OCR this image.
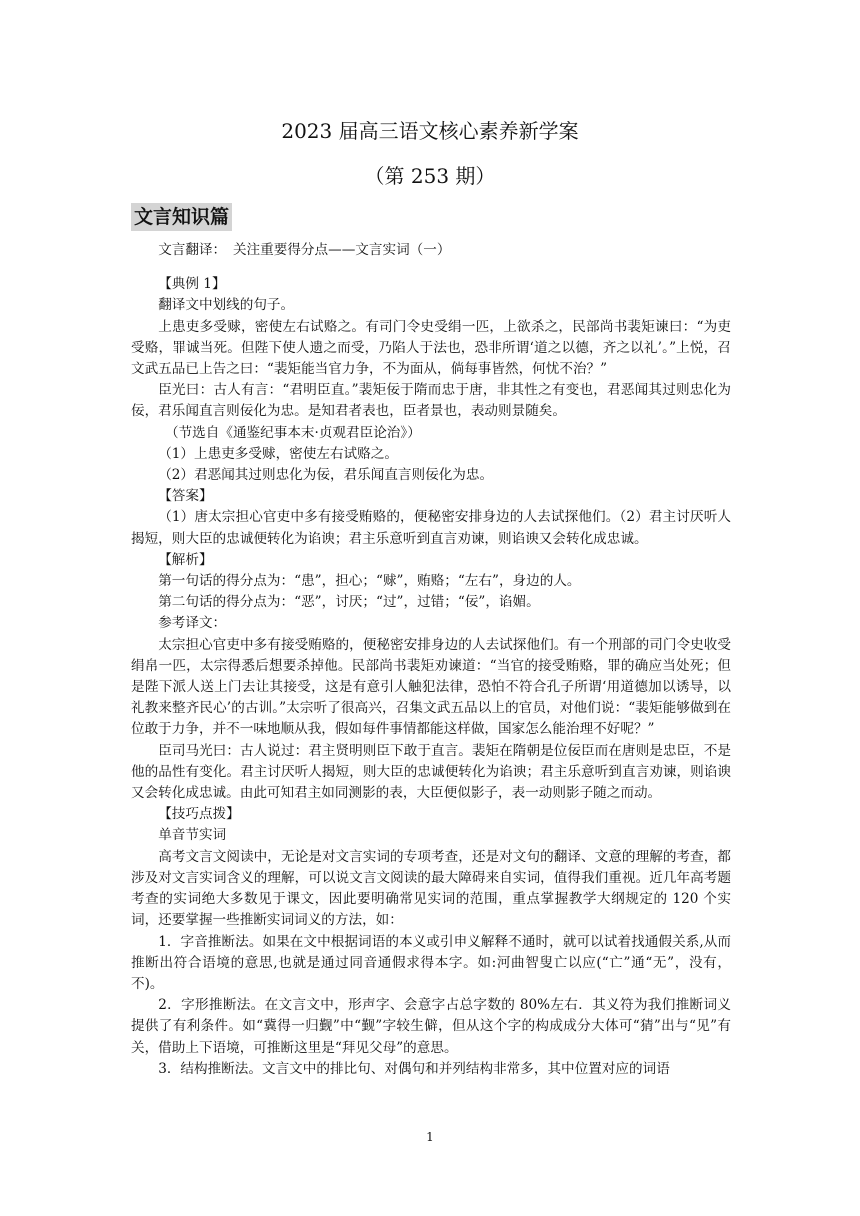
2023 届高三语文核心素养新学案
（第 253 期）
文言知识篇

文言翻译：　关注重要得分点——文言实词（一）

【典例 1】

翻译文中划线的句子。

上患吏多受赇，密使左右试赂之。有司门令史受绢一匹，上欲杀之，民部尚书裴矩谏曰：“为吏受赂，罪诚当死。但陛下使人遗之而受，乃陷人于法也，恐非所谓‘道之以德，齐之以礼’。”上悦，召文武五品已上告之曰：“裴矩能当官力争，不为面从，倘每事皆然，何忧不治？”

臣光曰：古人有言：“君明臣直。”裴矩佞于隋而忠于唐，非其性之有变也，君恶闻其过则忠化为佞，君乐闻直言则佞化为忠。是知君者表也，臣者景也，表动则景随矣。

（节选自《通鉴纪事本末·贞观君臣论治》）

（1）上患吏多受赇，密使左右试赂之。

（2）君恶闻其过则忠化为佞，君乐闻直言则佞化为忠。

【答案】

（1）唐太宗担心官吏中多有接受贿赂的，便秘密安排身边的人去试探他们。（2）君主讨厌听人揭短，则大臣的忠诚便转化为谄谀；君主乐意听到直言劝谏，则谄谀又会转化成忠诚。

【解析】

第一句话的得分点为：“患”，担心；“赇”，贿赂；“左右”，身边的人。

第二句话的得分点为：“恶”，讨厌；“过”，过错；“佞”，谄媚。

参考译文：

太宗担心官吏中多有接受贿赂的，便秘密安排身边的人去试探他们。有一个刑部的司门令史收受绢帛一匹，太宗得悉后想要杀掉他。民部尚书裴矩劝谏道：“当官的接受贿赂，罪的确应当处死；但是陛下派人送上门去让其接受，这是有意引人触犯法律，恐怕不符合孔子所谓‘用道德加以诱导，以礼教来整齐民心’的古训。”太宗听了很高兴，召集文武五品以上的官员，对他们说：“裴矩能够做到在位敢于力争，并不一味地顺从我，假如每件事情都能这样做，国家怎么能治理不好呢？”

臣司马光曰：古人说过：君主贤明则臣下敢于直言。裴矩在隋朝是位佞臣而在唐则是忠臣，不是他的品性有变化。君主讨厌听人揭短，则大臣的忠诚便转化为谄谀；君主乐意听到直言劝谏，则谄谀又会转化成忠诚。由此可知君主如同测影的表，大臣便似影子，表一动则影子随之而动。

【技巧点拨】

单音节实词

高考文言文阅读中，无论是对文言实词的专项考查，还是对文句的翻译、文意的理解的考查，都涉及对文言实词含义的理解，可以说文言文阅读的最大障碍来自实词，值得我们重视。近几年高考题考查的实词绝大多数见于课文，因此要明确常见实词的范围，重点掌握教学大纲规定的 120 个实词，还要掌握一些推断实词词义的方法，如：

1．字音推断法。如果在文中根据词语的本义或引申义解释不通时，就可以试着找通假关系,从而推断出符合语境的意思,也就是通过同音通假求得本字。如:河曲智叟亡以应(“亡”通“无”，没有，不)。

2．字形推断法。在文言文中，形声字、会意字占总字数的 80%左右．其义符为我们推断词义提供了有利条件。如“冀得一归觐”中“觐”字较生僻，但从这个字的构成成分大体可“猜”出与“见”有关，借助上下语境，可推断这里是“拜见父母”的意思。

3．结构推断法。文言文中的排比句、对偶句和并列结构非常多，其中位置对应的词语

1
